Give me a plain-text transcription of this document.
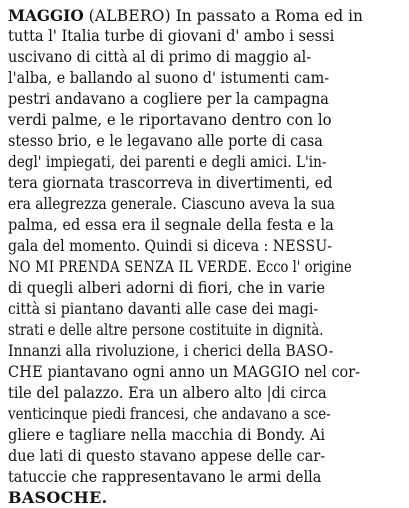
MAGGIO (ALBERO) In passato a Roma ed in
tutta l' Italia turbe di giovani d' ambo i sessi
uscivano di città al di primo di maggio al-
l'alba, e ballando al suono d' istumenti cam-
pestri andavano a cogliere per la campagna
verdi palme, e le riportavano dentro con lo
stesso brio, e le legavano alle porte di casa
degl' impiegati, dei parenti e degli amici. L'in-
tera giornata trascorreva in divertimenti, ed
era allegrezza generale. Ciascuno aveva la sua
palma, ed essa era il segnale della festa e la
gala del momento. Quindi si diceva : NESSU-
NO MI PRENDA SENZA IL VERDE. Ecco l' origine
di quegli alberi adorni di fiori, che in varie
città si piantano davanti alle case dei magi-
strati e delle altre persone costituite in dignità.
Innanzi alla rivoluzione, i cherici della BASO-
CHE piantavano ogni anno un MAGGIO nel cor-
tile del palazzo. Era un albero alto |di circa
venticinque piedi francesi, che andavano a sce-
gliere e tagliare nella macchia di Bondy. Ai
due lati di questo stavano appese delle car-
tatuccie che rappresentavano le armi della
BASOCHE.
